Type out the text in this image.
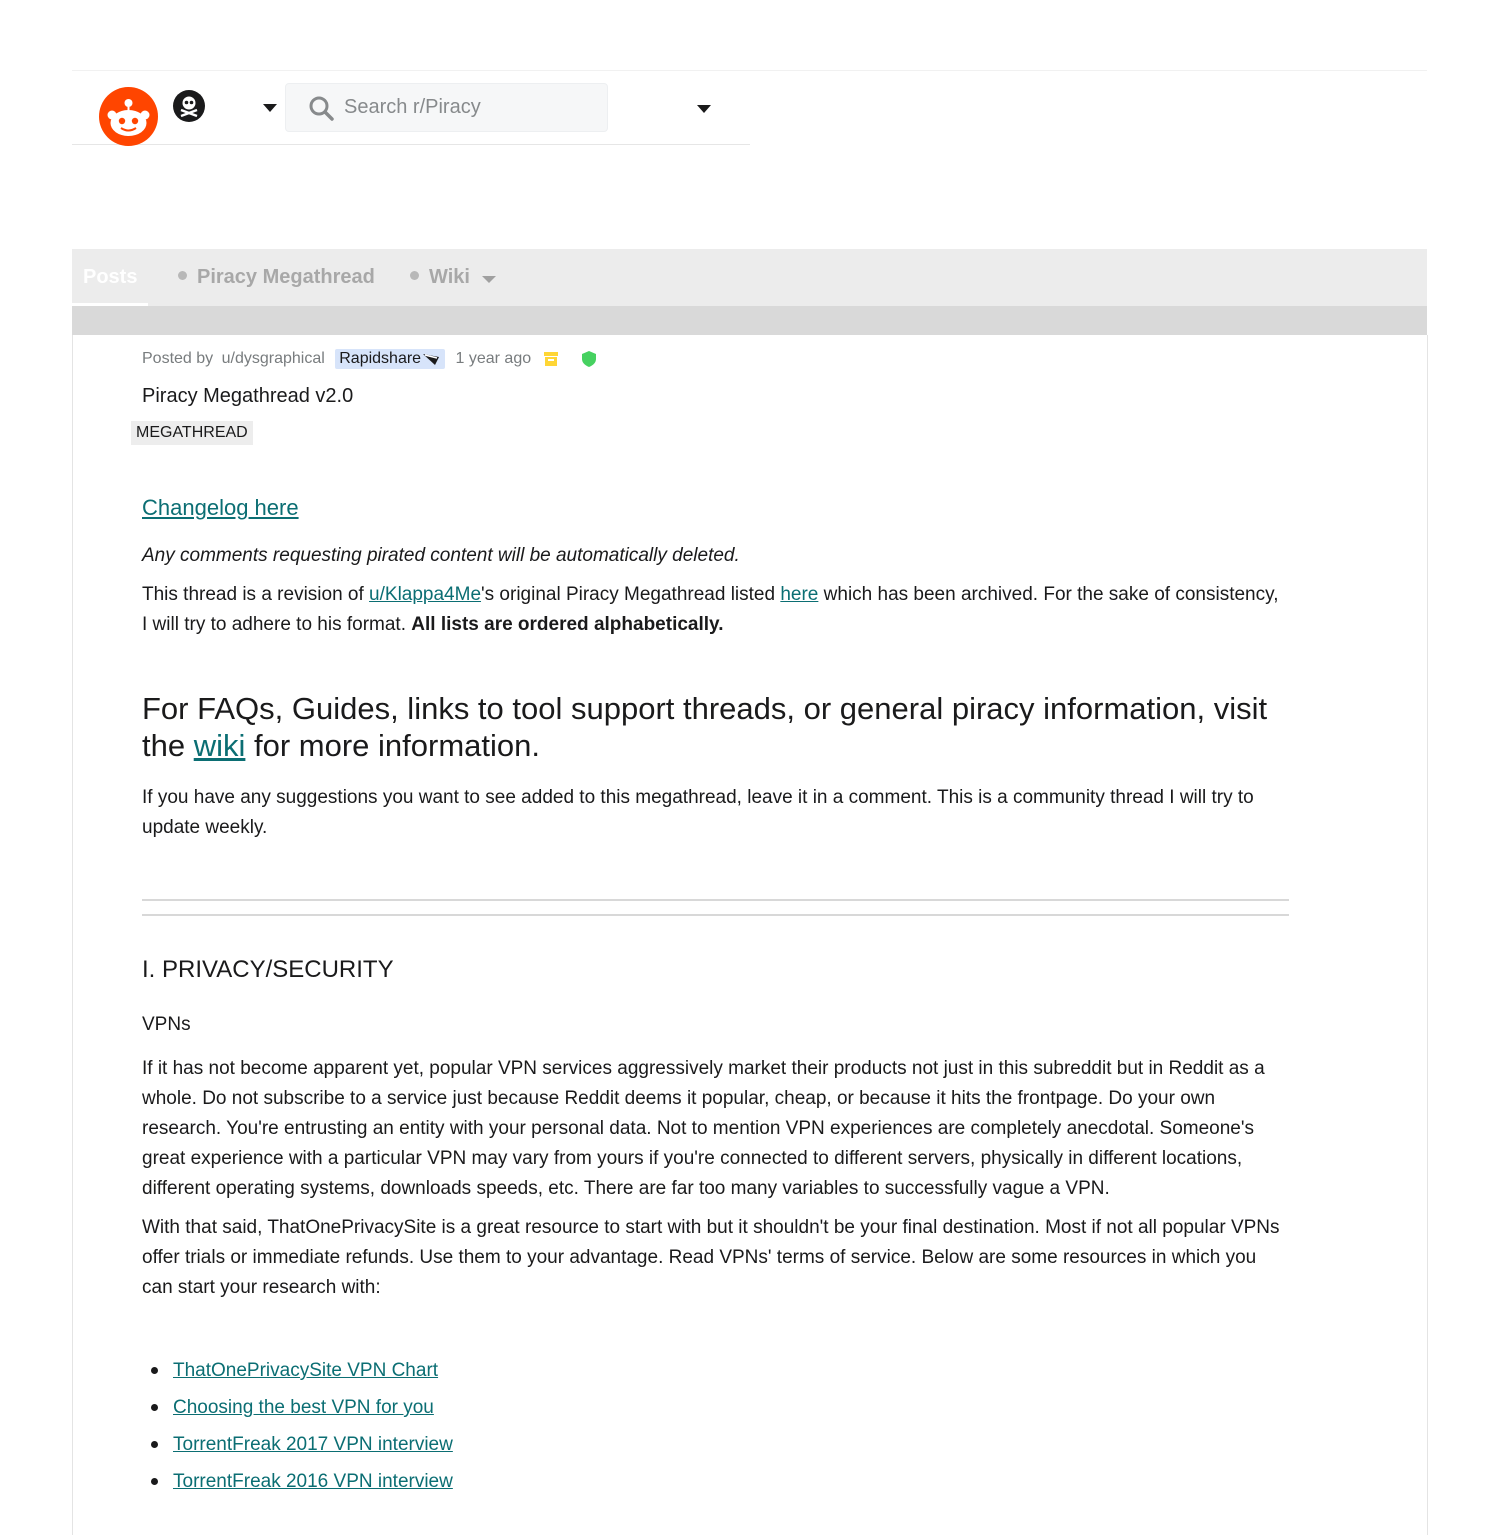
Search r/Piracy
Posts	Piracy Megathread	Wiki
Posted by u/dysgraphical Rapidshare 1 year ago
Piracy Megathread v2.0
MEGATHREAD
Changelog here

Any comments requesting pirated content will be automatically deleted.

This thread is a revision of u/Klappa4Me's original Piracy Megathread listed here which has been archived. For the sake of consistency, I will try to adhere to his format. All lists are ordered alphabetically.

For FAQs, Guides, links to tool support threads, or general piracy information, visit the wiki for more information.

If you have any suggestions you want to see added to this megathread, leave it in a comment. This is a community thread I will try to update weekly.

I. PRIVACY/SECURITY

VPNs

If it has not become apparent yet, popular VPN services aggressively market their products not just in this subreddit but in Reddit as a whole. Do not subscribe to a service just because Reddit deems it popular, cheap, or because it hits the frontpage. Do your own research. You're entrusting an entity with your personal data. Not to mention VPN experiences are completely anecdotal. Someone's great experience with a particular VPN may vary from yours if you're connected to different servers, physically in different locations, different operating systems, downloads speeds, etc. There are far too many variables to successfully vague a VPN.

With that said, ThatOnePrivacySite is a great resource to start with but it shouldn't be your final destination. Most if not all popular VPNs offer trials or immediate refunds. Use them to your advantage. Read VPNs' terms of service. Below are some resources in which you can start your research with:

ThatOnePrivacySite VPN Chart
Choosing the best VPN for you
TorrentFreak 2017 VPN interview
TorrentFreak 2016 VPN interview
